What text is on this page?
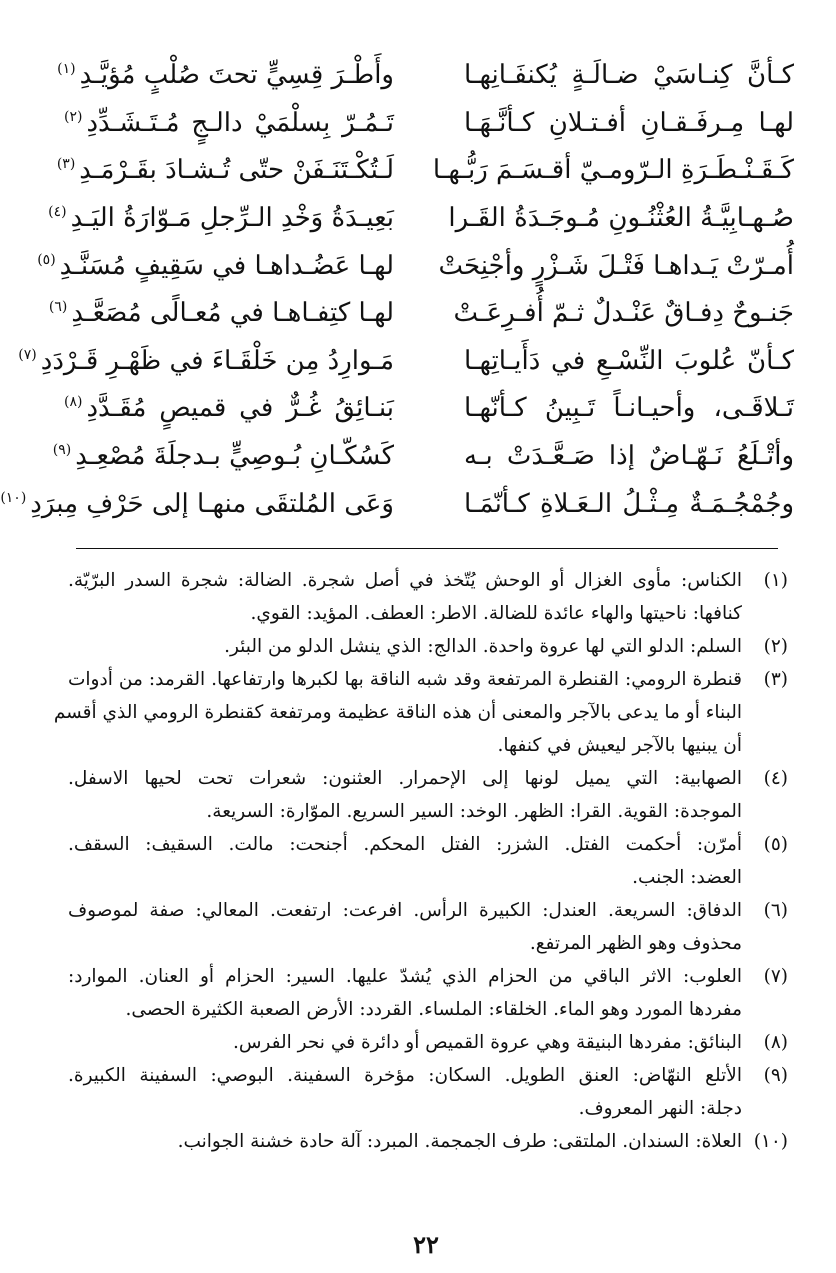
كـأنَّ كِنـاسَيْ ضـالَـةٍ يُكنفَـانِهـا
وأَطْـرَ قِسِيٍّ تحتَ صُلْبٍ مُؤيَّـدِ
(١)
لهـا مِـرفَـقـانِ أفـتـلانِ كـأنَّـهَـا
تَـمُـرّ بِسلْمَيْ دالـجٍ مُـتَـشَـدِّدِ
(٢)
كَـقَـنْـطَـرَةِ الـرّومـيّ أقـسَـمَ رَبُّـهـا
لَـتُكْـتَنَـفَنْ حتّى تُـشـادَ بقَـرْمَـدِ
(٣)
صُـهـابِيَّـةُ العُثْنُـونِ مُـوجَـدَةُ القَـرا
بَعِيـدَةُ وَخْدِ الـرِّجلِ مَـوّارَةُ اليَـدِ
(٤)
أُمـرّتْ يَـداهـا فَتْـلَ شَـزْرٍ وأجْنِحَتْ
لهـا عَضُـداهـا في سَقِيفٍ مُسَنَّـدِ
(٥)
جَنـوحٌ دِفـاقٌ عَنْـدلٌ ثـمّ أُفـرِعَـتْ
لهـا كتِفـاهـا في مُعـالًى مُصَعَّـدِ
(٦)
كـأنّ عُلوبَ النِّسْـعِ في دَأَيـاتِهـا
مَـوارِدُ مِن خَلْقَـاءَ في ظَهْـرِ قَـرْدَدِ
(٧)
تَـلاقَـى، وأحيـانـاً تَـبِينُ كـأنّهـا
بَنـائِقُ غُـرٌّ في قميصٍ مُقَـدَّدِ
(٨)
وأتْـلَعُ نَـهّـاضٌ إذا صَـعَّـدَتْ بـه
كَسُكّـانِ بُـوصِيٍّ بـدجلَةَ مُصْعِـدِ
(٩)
وجُمْجُـمَـةٌ مِـثْـلُ الـعَـلاةِ كـأنّمَـا
وَعَى المُلتقَى منهـا إلى حَرْفِ مِبرَدِ
(١٠)
(١)
الكناس: مأوى الغزال أو الوحش يُتّخذ في أصل شجرة. الضالة: شجرة السدر البرّيّة.
كنافها: ناحيتها والهاء عائدة للضالة. الاطر: العطف. المؤيد: القوي.
(٢)
السلم: الدلو التي لها عروة واحدة. الدالج: الذي ينشل الدلو من البئر.
(٣)
قنطرة الرومي: القنطرة المرتفعة وقد شبه الناقة بها لكبرها وارتفاعها. القرمد: من أدوات
البناء أو ما يدعى بالآجر والمعنى أن هذه الناقة عظيمة ومرتفعة كقنطرة الرومي الذي أقسم
أن يبنيها بالآجر ليعيش في كنفها.
(٤)
الصهابية: التي يميل لونها إلى الإحمرار. العثنون: شعرات تحت لحيها الاسفل.
الموجدة: القوية. القرا: الظهر. الوخد: السير السريع. الموّارة: السريعة.
(٥)
أمرّن: أحكمت الفتل. الشزر: الفتل المحكم. أجنحت: مالت. السقيف: السقف.
العضد: الجنب.
(٦)
الدفاق: السريعة. العندل: الكبيرة الرأس. افرعت: ارتفعت. المعالي: صفة لموصوف
محذوف وهو الظهر المرتفع.
(٧)
العلوب: الاثر الباقي من الحزام الذي يُشدّ عليها. السير: الحزام أو العنان. الموارد:
مفردها المورد وهو الماء. الخلقاء: الملساء. القردد: الأرض الصعبة الكثيرة الحصى.
(٨)
البنائق: مفردها البنيقة وهي عروة القميص أو دائرة في نحر الفرس.
(٩)
الأتلع النهّاض: العنق الطويل. السكان: مؤخرة السفينة. البوصي: السفينة الكبيرة.
دجلة: النهر المعروف.
(١٠)
العلاة: السندان. الملتقى: طرف الجمجمة. المبرد: آلة حادة خشنة الجوانب.
٢٢
